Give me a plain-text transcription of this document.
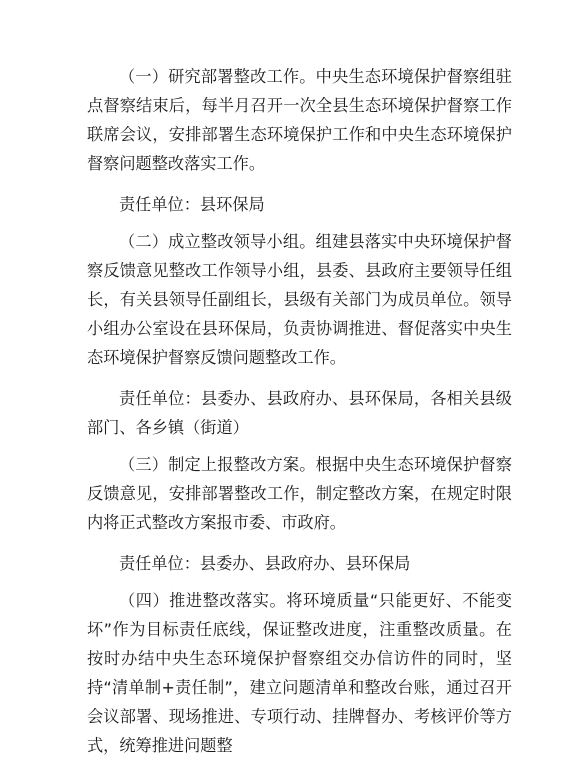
（一）研究部署整改工作。中央生态环境保护督察组驻点督察结束后，每半月召开一次全县生态环境保护督察工作联席会议，安排部署生态环境保护工作和中央生态环境保护督察问题整改落实工作。

责任单位：县环保局

（二）成立整改领导小组。组建县落实中央环境保护督察反馈意见整改工作领导小组，县委、县政府主要领导任组长，有关县领导任副组长，县级有关部门为成员单位。领导小组办公室设在县环保局，负责协调推进、督促落实中央生态环境保护督察反馈问题整改工作。

责任单位：县委办、县政府办、县环保局，各相关县级部门、各乡镇（街道）

（三）制定上报整改方案。根据中央生态环境保护督察反馈意见，安排部署整改工作，制定整改方案，在规定时限内将正式整改方案报市委、市政府。

责任单位：县委办、县政府办、县环保局

（四）推进整改落实。将环境质量“只能更好、不能变坏”作为目标责任底线，保证整改进度，注重整改质量。在按时办结中央生态环境保护督察组交办信访件的同时，坚持“清单制+责任制”，建立问题清单和整改台账，通过召开会议部署、现场推进、专项行动、挂牌督办、考核评价等方式，统筹推进问题整
